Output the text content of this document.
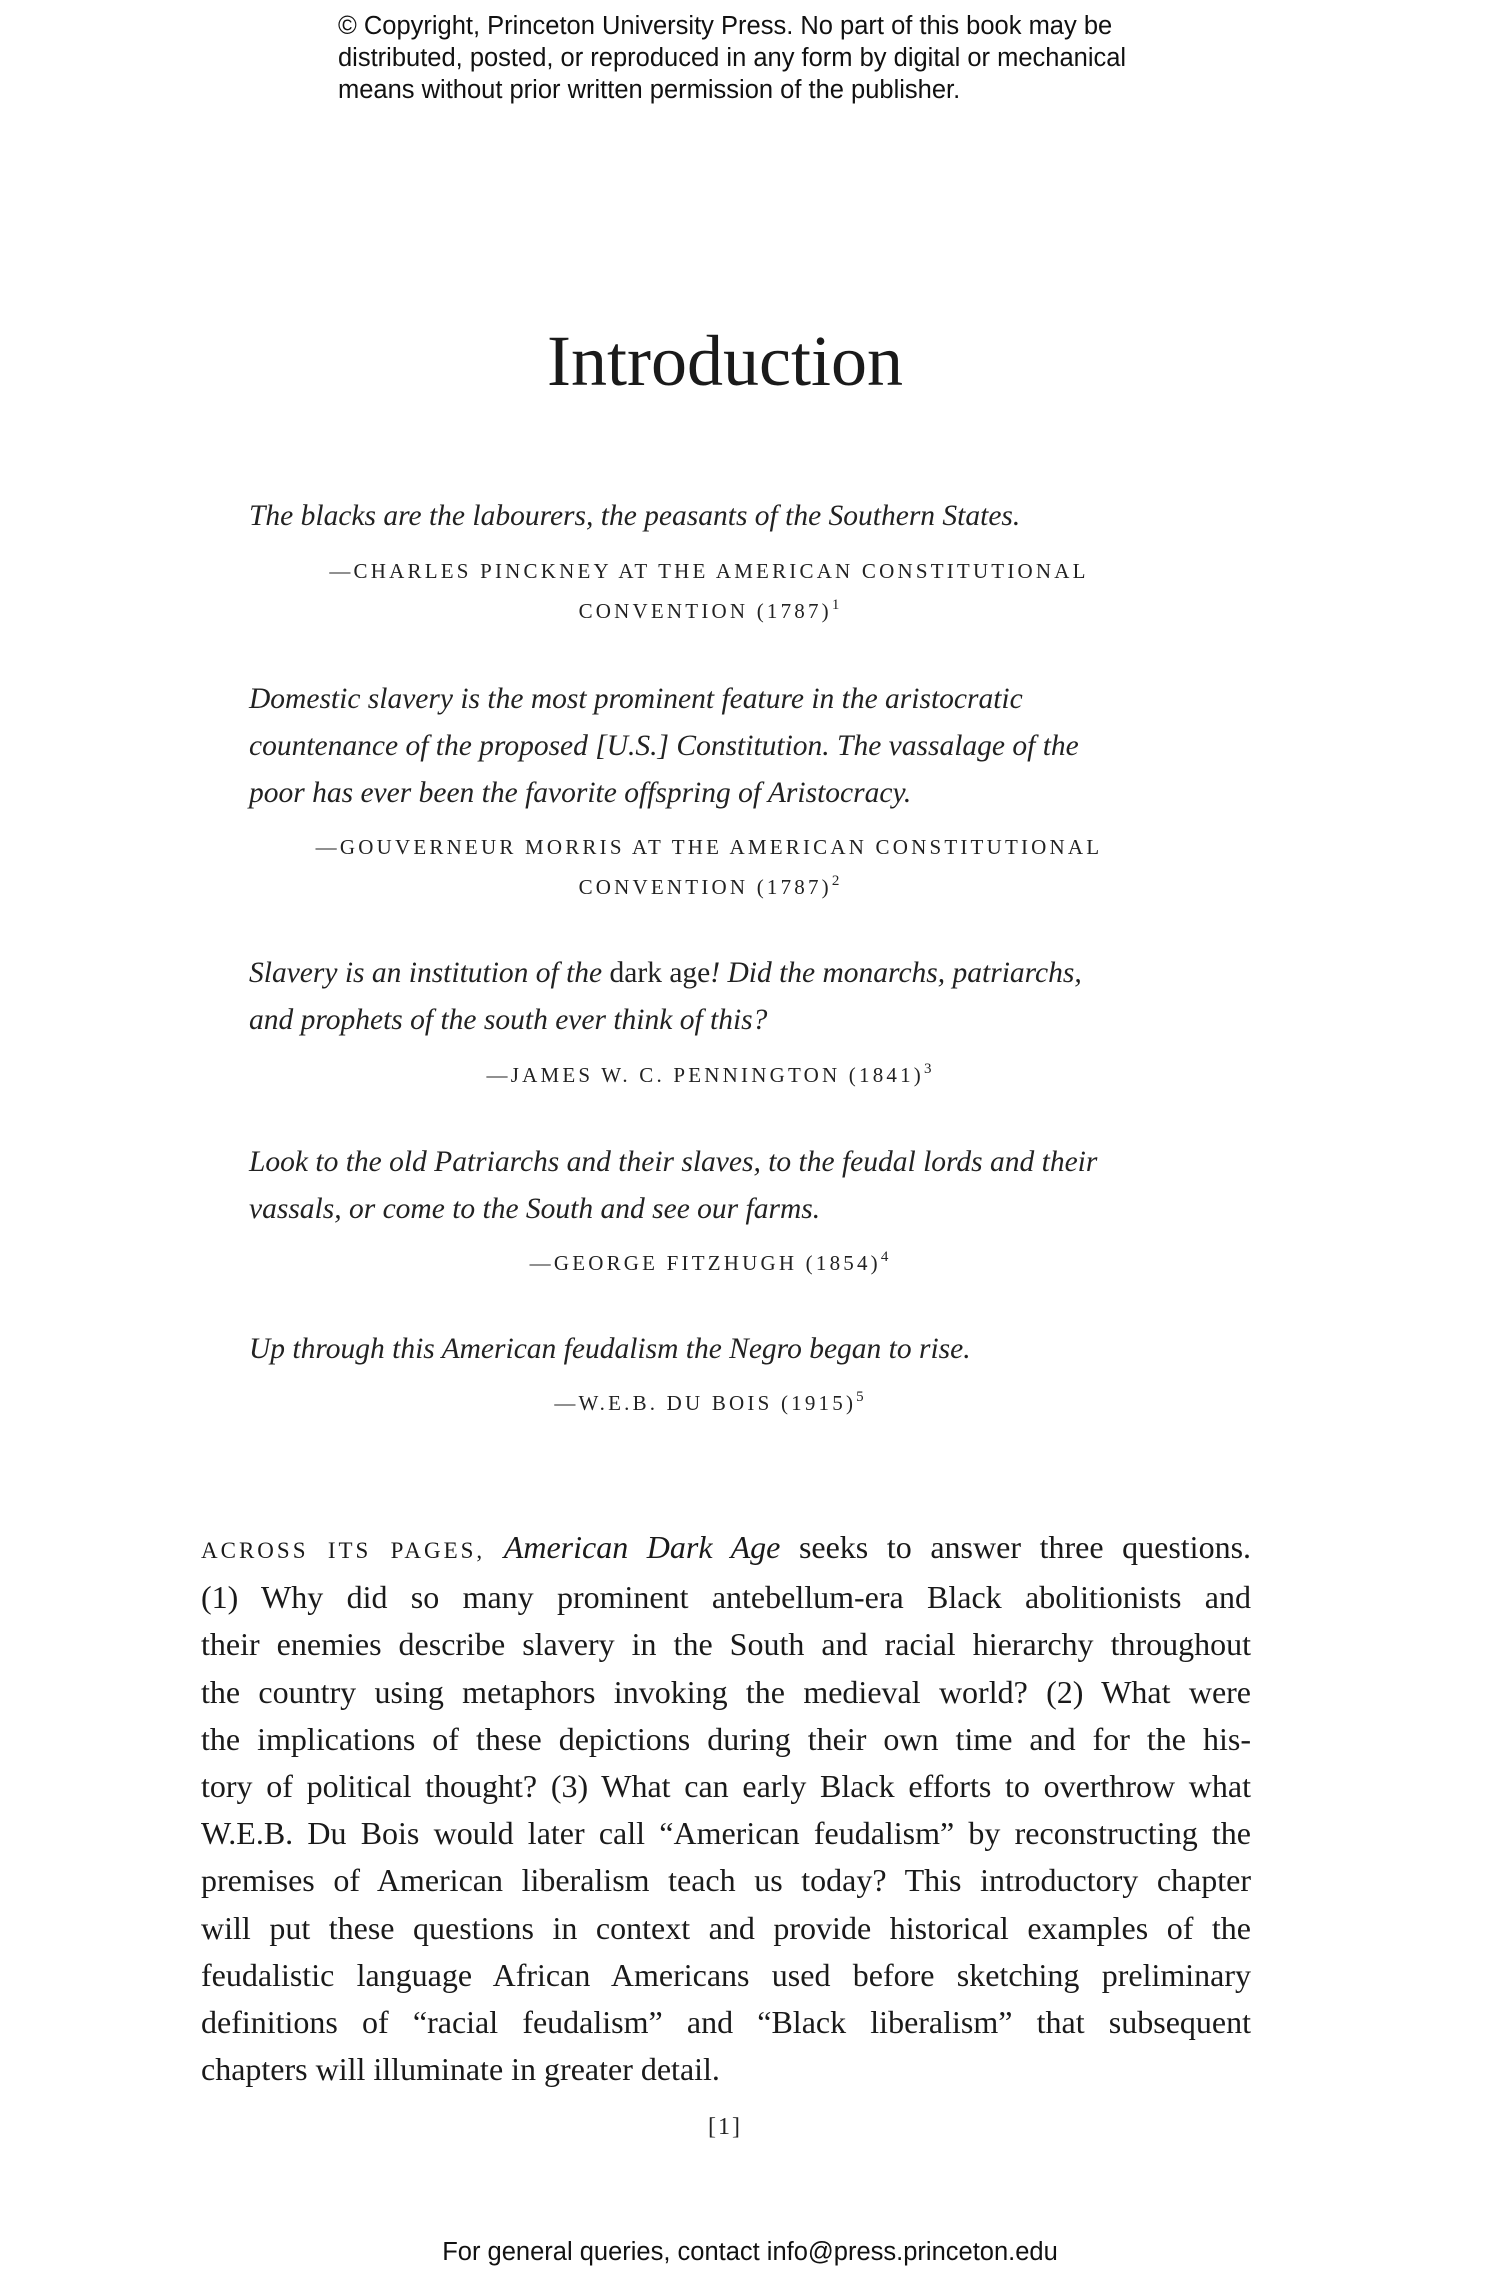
© Copyright, Princeton University Press. No part of this book may be
distributed, posted, or reproduced in any form by digital or mechanical
means without prior written permission of the publisher.
Introduction
The blacks are the labourers, the peasants of the Southern States.
—CHARLES PINCKNEY AT THE AMERICAN CONSTITUTIONAL
CONVENTION $(1787)^1$
Domestic slavery is the most prominent feature in the aristocratic
countenance of the proposed [U.S.] Constitution. The vassalage of the
poor has ever been the favorite offspring of Aristocracy.
—GOUVERNEUR MORRIS AT THE AMERICAN CONSTITUTIONAL
CONVENTION $(1787)^2$
Slavery is an institution of the dark age! Did the monarchs, patriarchs,
and prophets of the south ever think of this?
—JAMES W. C. PENNINGTON $(1841)^3$
Look to the old Patriarchs and their slaves, to the feudal lords and their
vassals, or come to the South and see our farms.
—GEORGE FITZHUGH $(1854)^4$
Up through this American feudalism the Negro began to rise.
—W.E.B. DU BOIS $(1915)^5$
ACROSS ITS PAGES, American Dark Age seeks to answer three questions.
(1) Why did so many prominent antebellum-era Black abolitionists and
their enemies describe slavery in the South and racial hierarchy throughout
the country using metaphors invoking the medieval world? (2) What were
the implications of these depictions during their own time and for the his-
tory of political thought? (3) What can early Black efforts to overthrow what
W.E.B. Du Bois would later call “American feudalism” by reconstructing the
premises of American liberalism teach us today? This introductory chapter
will put these questions in context and provide historical examples of the
feudalistic language African Americans used before sketching preliminary
definitions of “racial feudalism” and “Black liberalism” that subsequent
chapters will illuminate in greater detail.
[1]
For general queries, contact info@press.princeton.edu
